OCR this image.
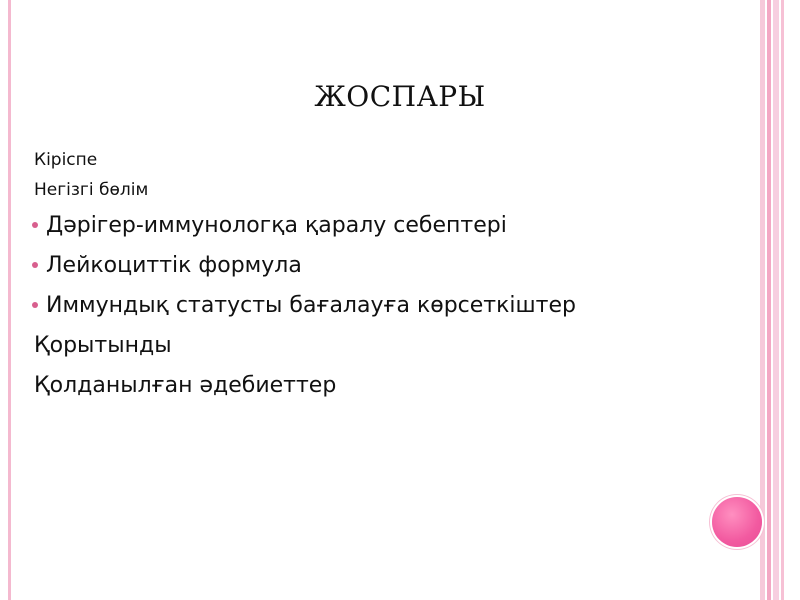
ЖОСПАРЫ
Кіріспе
Негізгі бөлім
Дәрігер-иммунологқа қаралу себептері
Лейкоциттік формула
Иммундық статусты бағалауға көрсеткіштер
Қорытынды
Қолданылған әдебиеттер
